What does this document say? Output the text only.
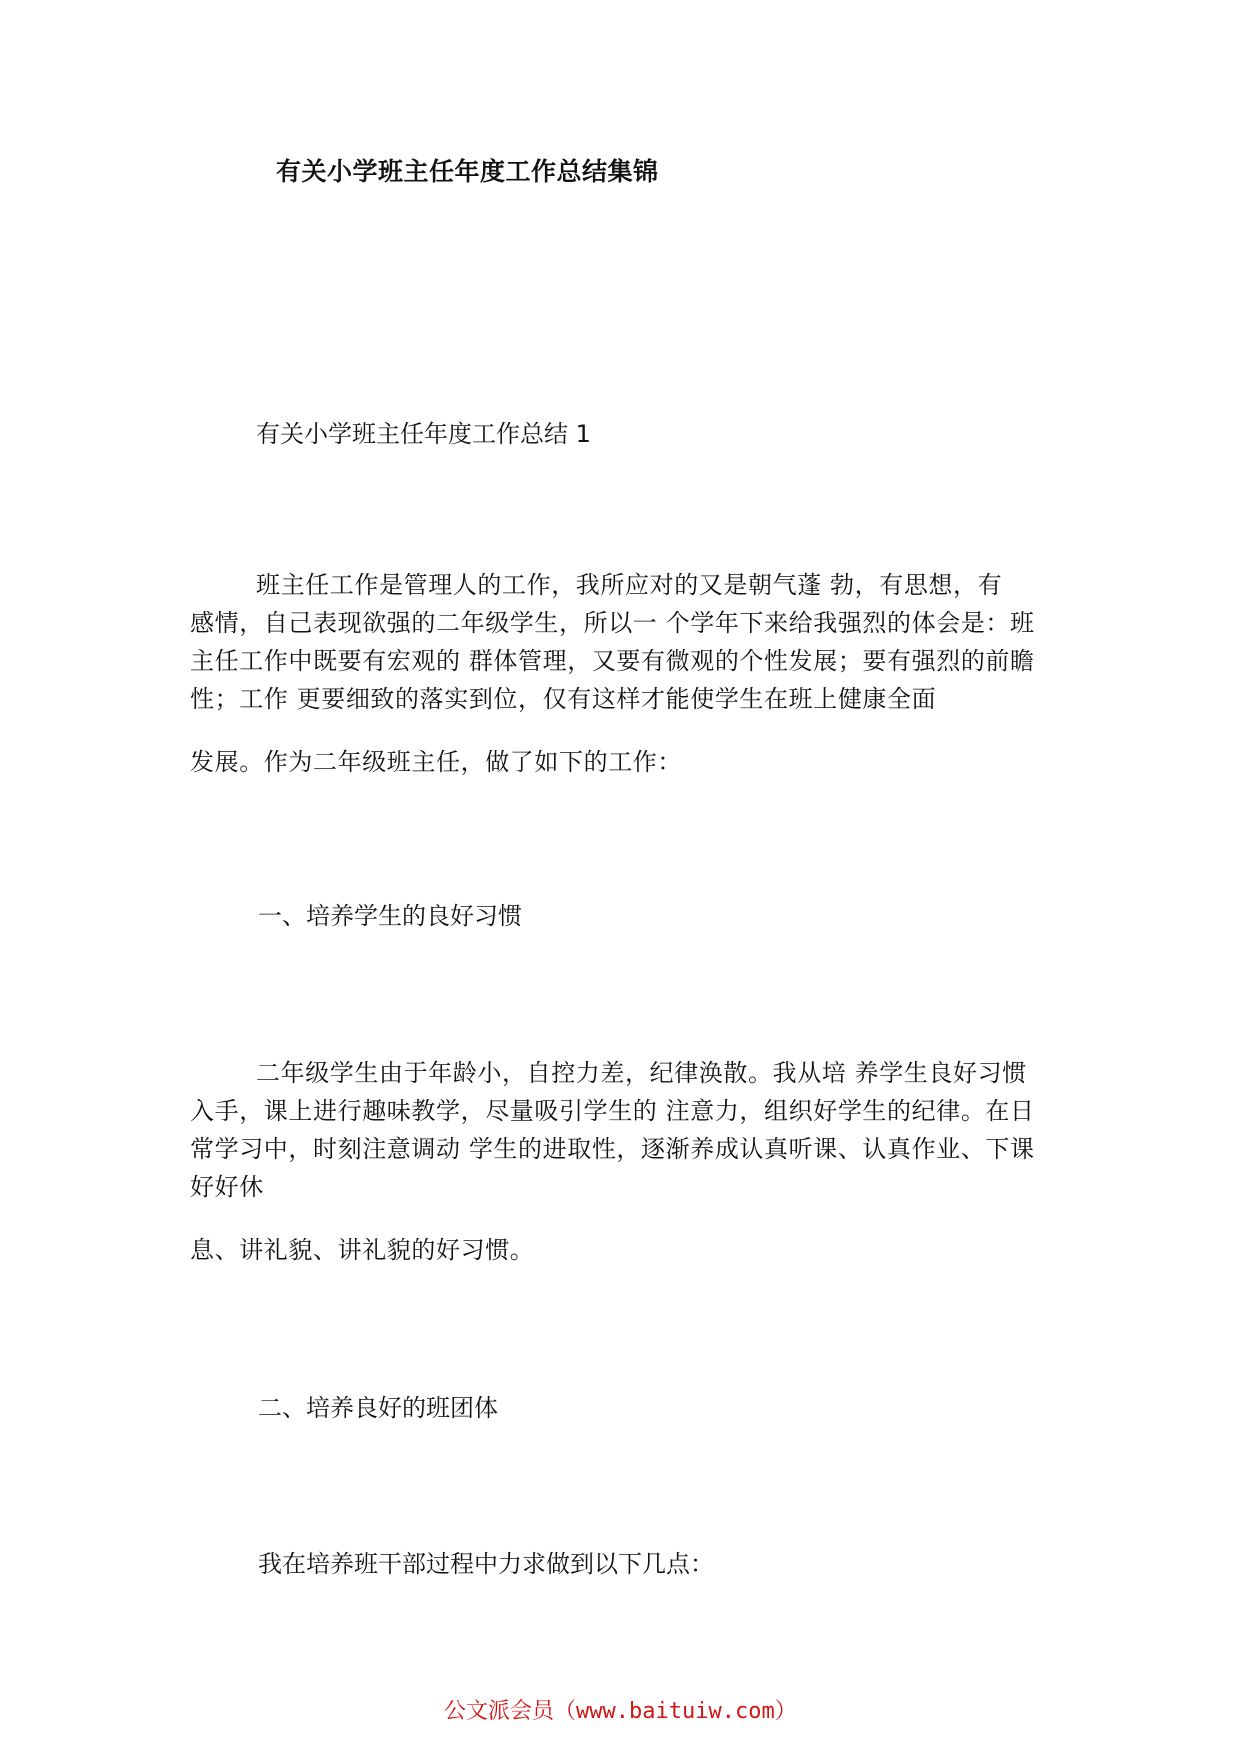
有关小学班主任年度工作总结集锦
有关小学班主任年度工作总结 1
班主任工作是管理人的工作，我所应对的又是朝气蓬 勃，有思想，有
感情，自己表现欲强的二年级学生，所以一 个学年下来给我强烈的体会是：班
主任工作中既要有宏观的 群体管理，又要有微观的个性发展；要有强烈的前瞻
性；工作 更要细致的落实到位，仅有这样才能使学生在班上健康全面
发展。作为二年级班主任，做了如下的工作：
一、培养学生的良好习惯
二年级学生由于年龄小，自控力差，纪律涣散。我从培 养学生良好习惯
入手，课上进行趣味教学，尽量吸引学生的 注意力，组织好学生的纪律。在日
常学习中，时刻注意调动 学生的进取性，逐渐养成认真听课、认真作业、下课
好好休
息、讲礼貌、讲礼貌的好习惯。
二、培养良好的班团体
我在培养班干部过程中力求做到以下几点：
公文派会员（www.baituiw.com）
